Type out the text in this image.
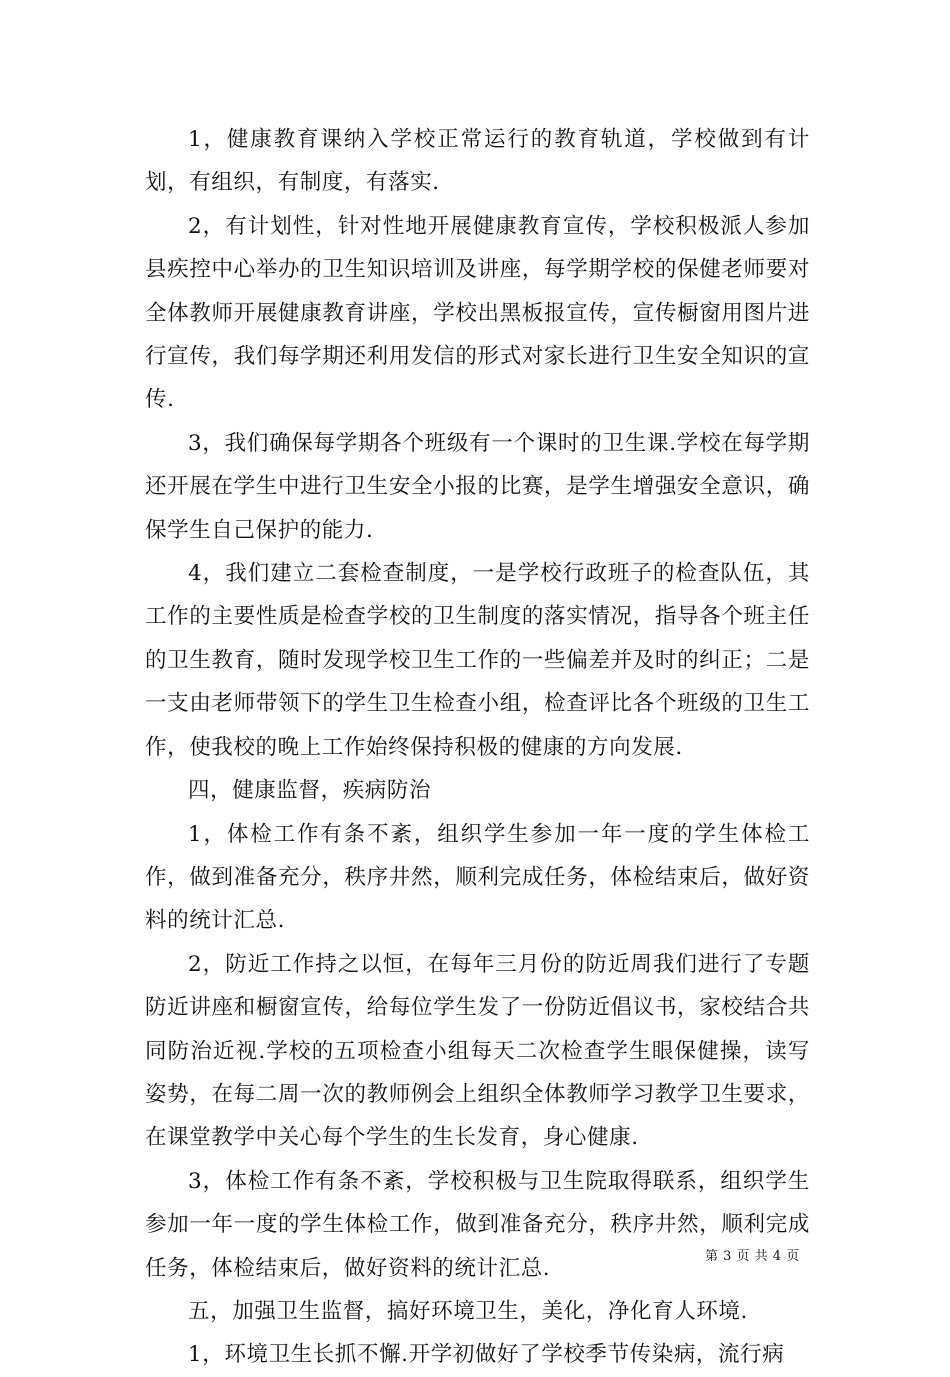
1，健康教育课纳入学校正常运行的教育轨道，学校做到有计划，有组织，有制度，有落实.

2，有计划性，针对性地开展健康教育宣传，学校积极派人参加县疾控中心举办的卫生知识培训及讲座，每学期学校的保健老师要对全体教师开展健康教育讲座，学校出黑板报宣传，宣传橱窗用图片进行宣传，我们每学期还利用发信的形式对家长进行卫生安全知识的宣传.

3，我们确保每学期各个班级有一个课时的卫生课.学校在每学期还开展在学生中进行卫生安全小报的比赛，是学生增强安全意识，确保学生自己保护的能力.

4，我们建立二套检查制度，一是学校行政班子的检查队伍，其工作的主要性质是检查学校的卫生制度的落实情况，指导各个班主任的卫生教育，随时发现学校卫生工作的一些偏差并及时的纠正；二是一支由老师带领下的学生卫生检查小组，检查评比各个班级的卫生工作，使我校的晚上工作始终保持积极的健康的方向发展.

四，健康监督，疾病防治

1，体检工作有条不紊，组织学生参加一年一度的学生体检工作，做到准备充分，秩序井然，顺利完成任务，体检结束后，做好资料的统计汇总.

2，防近工作持之以恒，在每年三月份的防近周我们进行了专题防近讲座和橱窗宣传，给每位学生发了一份防近倡议书，家校结合共同防治近视.学校的五项检查小组每天二次检查学生眼保健操，读写姿势，在每二周一次的教师例会上组织全体教师学习教学卫生要求，在课堂教学中关心每个学生的生长发育，身心健康.

3，体检工作有条不紊，学校积极与卫生院取得联系，组织学生参加一年一度的学生体检工作，做到准备充分，秩序井然，顺利完成任务，体检结束后，做好资料的统计汇总.

五，加强卫生监督，搞好环境卫生，美化，净化育人环境.

1，环境卫生长抓不懈.开学初做好了学校季节传染病，流行病

第 3 页 共 4 页
